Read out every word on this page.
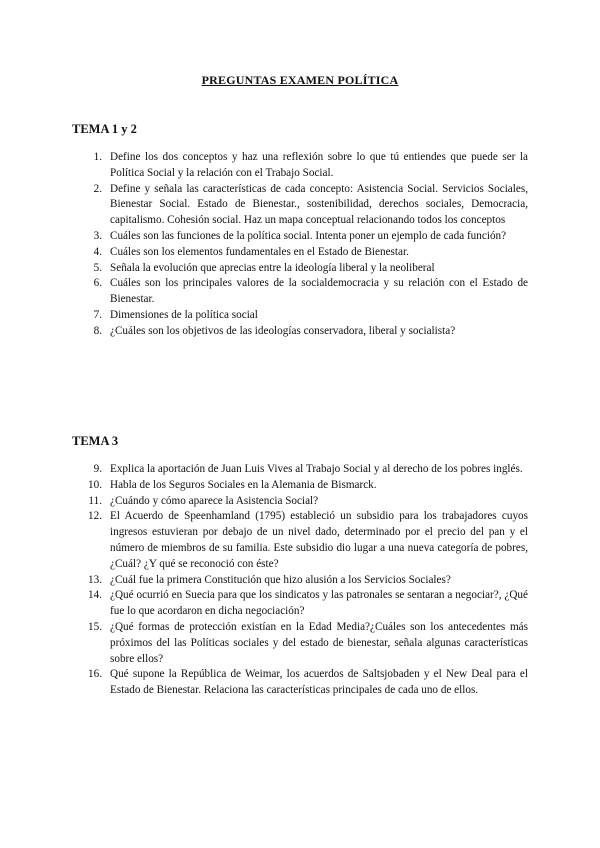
PREGUNTAS EXAMEN POLÍTICA
TEMA 1 y 2
1. Define los dos conceptos y haz una reflexión sobre lo que tú entiendes que puede ser la Política Social y la relación con el Trabajo Social.
2. Define y señala las características de cada concepto: Asistencia Social. Servicios Sociales, Bienestar Social. Estado de Bienestar., sostenibilidad, derechos sociales, Democracia, capitalismo. Cohesión social. Haz un mapa conceptual relacionando todos los conceptos
3. Cuáles son las funciones de la política social. Intenta poner un ejemplo de cada función?
4. Cuáles son los elementos fundamentales en el Estado de Bienestar.
5. Señala la evolución que aprecias entre la ideología liberal y la neoliberal
6. Cuáles son los principales valores de la socialdemocracia y su relación con el Estado de Bienestar.
7. Dimensiones de la política social
8. ¿Cuáles son los objetivos de las ideologías conservadora, liberal y socialista?
TEMA 3
9. Explica la aportación de Juan Luis Vives al Trabajo Social y al derecho de los pobres inglés.
10. Habla de los Seguros Sociales en la Alemania de Bismarck.
11. ¿Cuándo y cómo aparece la Asistencia Social?
12. El Acuerdo de Speenhamland (1795) estableció un subsidio para los trabajadores cuyos ingresos estuvieran por debajo de un nivel dado, determinado por el precio del pan y el número de miembros de su familia. Este subsidio dio lugar a una nueva categoría de pobres, ¿Cuál? ¿Y qué se reconoció con éste?
13. ¿Cuál fue la primera Constitución que hizo alusión a los Servicios Sociales?
14. ¿Qué ocurrió en Suecia para que los sindicatos y las patronales se sentaran a negociar?, ¿Qué fue lo que acordaron en dicha negociación?
15. ¿Qué formas de protección existían en la Edad Media?¿Cuáles son los antecedentes más próximos del las Políticas sociales y del estado de bienestar, señala algunas características sobre ellos?
16. Qué supone la República de Weimar, los acuerdos de Saltsjobaden y el New Deal para el Estado de Bienestar. Relaciona las características principales de cada uno de ellos.
